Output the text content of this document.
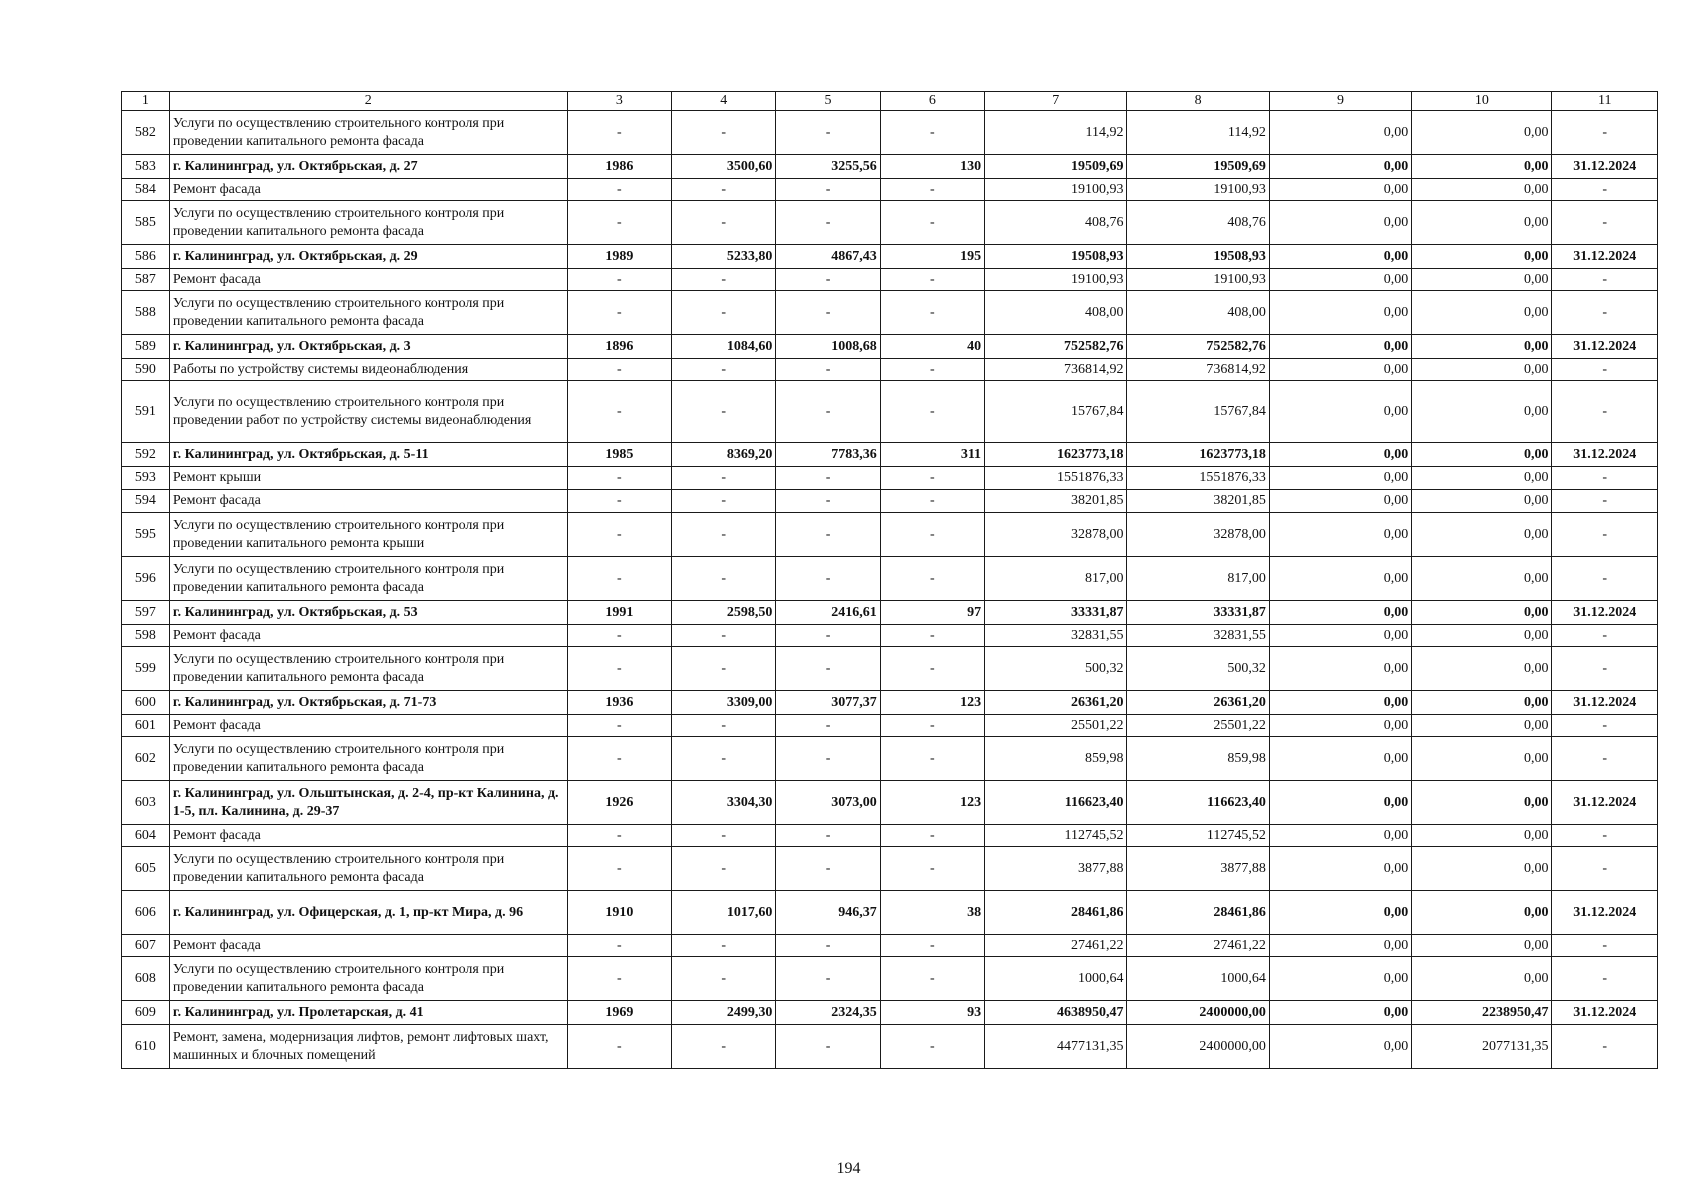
1	2	3	4	5	6	7	8	9	10	11
582	Услуги по осуществлению строительного контроля при проведении капитального ремонта фасада	-	-	-	-	114,92	114,92	0,00	0,00	-
583	г. Калининград, ул. Октябрьская, д. 27	1986	3500,60	3255,56	130	19509,69	19509,69	0,00	0,00	31.12.2024
584	Ремонт фасада	-	-	-	-	19100,93	19100,93	0,00	0,00	-
585	Услуги по осуществлению строительного контроля при проведении капитального ремонта фасада	-	-	-	-	408,76	408,76	0,00	0,00	-
586	г. Калининград, ул. Октябрьская, д. 29	1989	5233,80	4867,43	195	19508,93	19508,93	0,00	0,00	31.12.2024
587	Ремонт фасада	-	-	-	-	19100,93	19100,93	0,00	0,00	-
588	Услуги по осуществлению строительного контроля при проведении капитального ремонта фасада	-	-	-	-	408,00	408,00	0,00	0,00	-
589	г. Калининград, ул. Октябрьская, д. 3	1896	1084,60	1008,68	40	752582,76	752582,76	0,00	0,00	31.12.2024
590	Работы по устройству системы видеонаблюдения	-	-	-	-	736814,92	736814,92	0,00	0,00	-
591	Услуги по осуществлению строительного контроля при проведении работ по устройству системы видеонаблюдения	-	-	-	-	15767,84	15767,84	0,00	0,00	-
592	г. Калининград, ул. Октябрьская, д. 5-11	1985	8369,20	7783,36	311	1623773,18	1623773,18	0,00	0,00	31.12.2024
593	Ремонт крыши	-	-	-	-	1551876,33	1551876,33	0,00	0,00	-
594	Ремонт фасада	-	-	-	-	38201,85	38201,85	0,00	0,00	-
595	Услуги по осуществлению строительного контроля при проведении капитального ремонта крыши	-	-	-	-	32878,00	32878,00	0,00	0,00	-
596	Услуги по осуществлению строительного контроля при проведении капитального ремонта фасада	-	-	-	-	817,00	817,00	0,00	0,00	-
597	г. Калининград, ул. Октябрьская, д. 53	1991	2598,50	2416,61	97	33331,87	33331,87	0,00	0,00	31.12.2024
598	Ремонт фасада	-	-	-	-	32831,55	32831,55	0,00	0,00	-
599	Услуги по осуществлению строительного контроля при проведении капитального ремонта фасада	-	-	-	-	500,32	500,32	0,00	0,00	-
600	г. Калининград, ул. Октябрьская, д. 71-73	1936	3309,00	3077,37	123	26361,20	26361,20	0,00	0,00	31.12.2024
601	Ремонт фасада	-	-	-	-	25501,22	25501,22	0,00	0,00	-
602	Услуги по осуществлению строительного контроля при проведении капитального ремонта фасада	-	-	-	-	859,98	859,98	0,00	0,00	-
603	г. Калининград, ул. Ольштынская, д. 2-4, пр-кт Калинина, д. 1-5, пл. Калинина, д. 29-37	1926	3304,30	3073,00	123	116623,40	116623,40	0,00	0,00	31.12.2024
604	Ремонт фасада	-	-	-	-	112745,52	112745,52	0,00	0,00	-
605	Услуги по осуществлению строительного контроля при проведении капитального ремонта фасада	-	-	-	-	3877,88	3877,88	0,00	0,00	-
606	г. Калининград, ул. Офицерская, д. 1, пр-кт Мира, д. 96	1910	1017,60	946,37	38	28461,86	28461,86	0,00	0,00	31.12.2024
607	Ремонт фасада	-	-	-	-	27461,22	27461,22	0,00	0,00	-
608	Услуги по осуществлению строительного контроля при проведении капитального ремонта фасада	-	-	-	-	1000,64	1000,64	0,00	0,00	-
609	г. Калининград, ул. Пролетарская, д. 41	1969	2499,30	2324,35	93	4638950,47	2400000,00	0,00	2238950,47	31.12.2024
610	Ремонт, замена, модернизация лифтов, ремонт лифтовых шахт, машинных и блочных помещений	-	-	-	-	4477131,35	2400000,00	0,00	2077131,35	-
194
